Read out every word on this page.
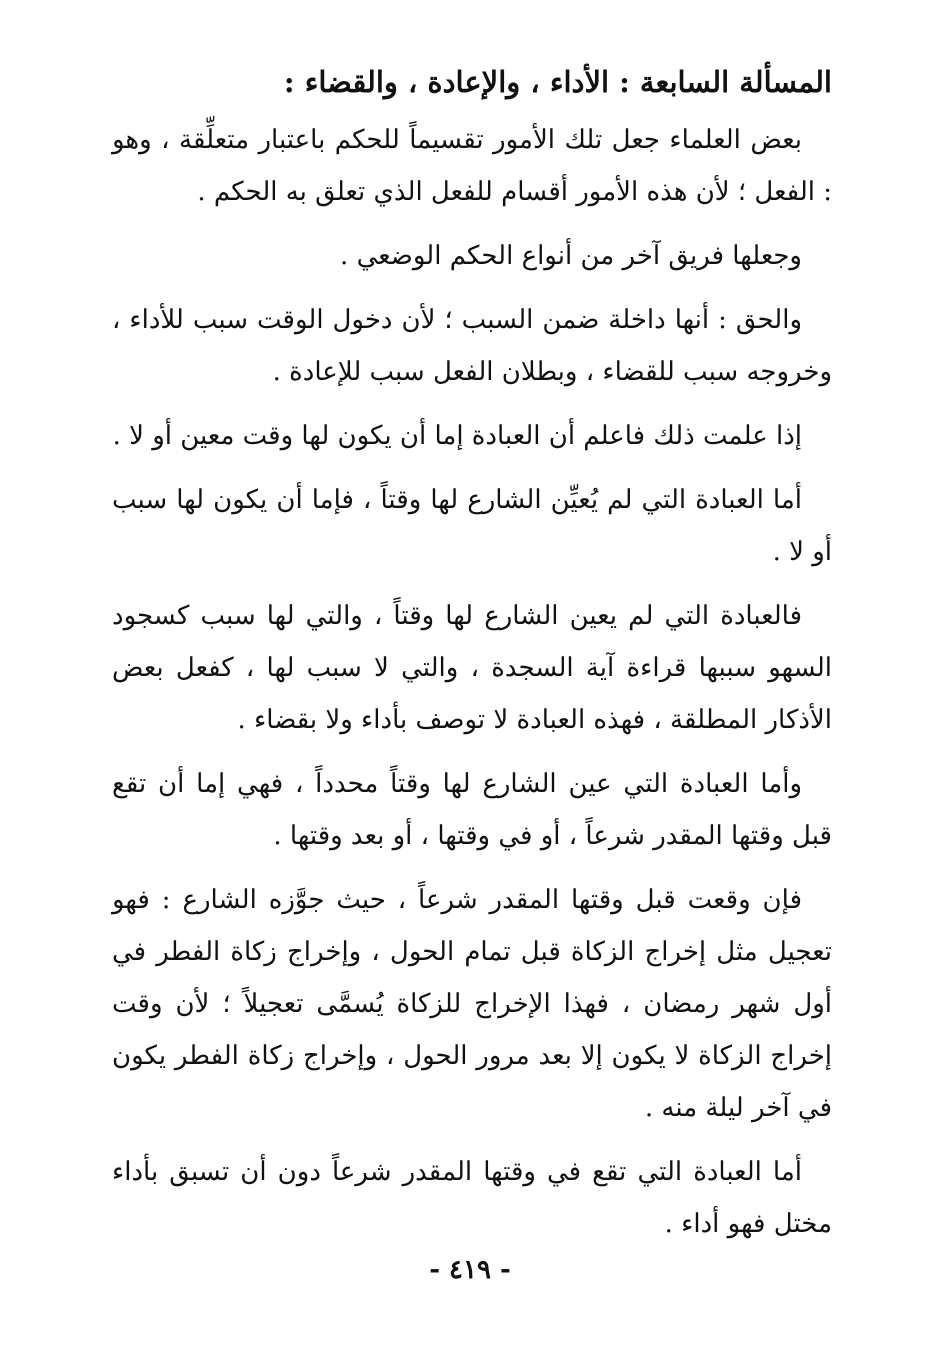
المسألة السابعة : الأداء ، والإعادة ، والقضاء :

بعض العلماء جعل تلك الأمور تقسيماً للحكم باعتبار متعلِّقة ، وهو : الفعل ؛ لأن هذه الأمور أقسام للفعل الذي تعلق به الحكم .

وجعلها فريق آخر من أنواع الحكم الوضعي .

والحق : أنها داخلة ضمن السبب ؛ لأن دخول الوقت سبب للأداء ، وخروجه سبب للقضاء ، وبطلان الفعل سبب للإعادة .

إذا علمت ذلك فاعلم أن العبادة إما أن يكون لها وقت معين أو لا .

أما العبادة التي لم يُعيِّن الشارع لها وقتاً ، فإما أن يكون لها سبب أو لا .

فالعبادة التي لم يعين الشارع لها وقتاً ، والتي لها سبب كسجود السهو سببها قراءة آية السجدة ، والتي لا سبب لها ، كفعل بعض الأذكار المطلقة ، فهذه العبادة لا توصف بأداء ولا بقضاء .

وأما العبادة التي عين الشارع لها وقتاً محدداً ، فهي إما أن تقع قبل وقتها المقدر شرعاً ، أو في وقتها ، أو بعد وقتها .

فإن وقعت قبل وقتها المقدر شرعاً ، حيث جوَّزه الشارع : فهو تعجيل مثل إخراج الزكاة قبل تمام الحول ، وإخراج زكاة الفطر في أول شهر رمضان ، فهذا الإخراج للزكاة يُسمَّى تعجيلاً ؛ لأن وقت إخراج الزكاة لا يكون إلا بعد مرور الحول ، وإخراج زكاة الفطر يكون في آخر ليلة منه .

أما العبادة التي تقع في وقتها المقدر شرعاً دون أن تسبق بأداء مختل فهو أداء .

- ٤١٩ -
